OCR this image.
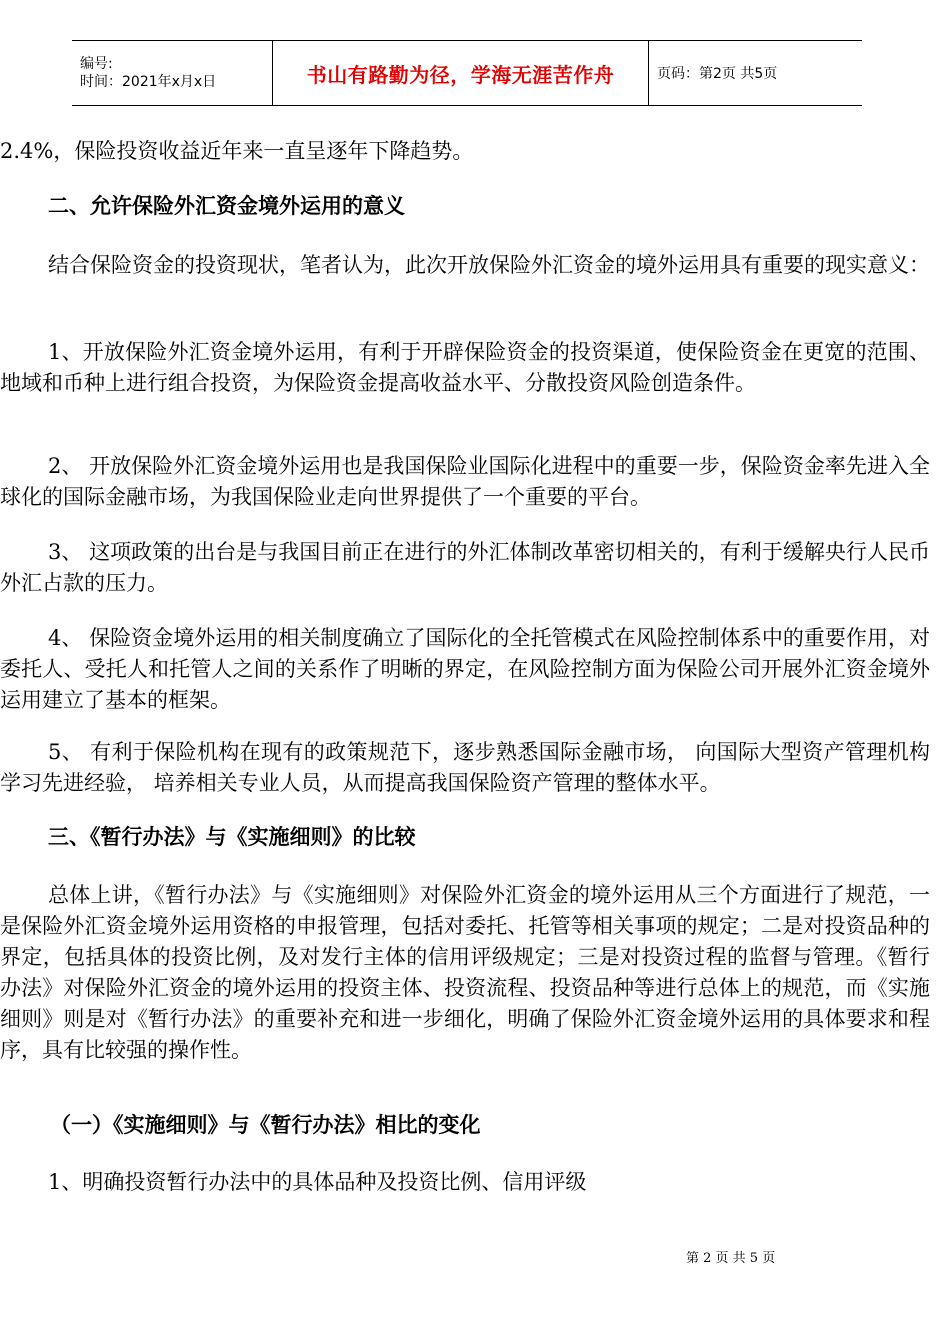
编号:
时间：2021年x月x日	书山有路勤为径，学海无涯苦作舟	页码：第2页 共5页

2.4%，保险投资收益近年来一直呈逐年下降趋势。

二、允许保险外汇资金境外运用的意义

结合保险资金的投资现状，笔者认为，此次开放保险外汇资金的境外运用具有重要的现实意义：

1、开放保险外汇资金境外运用，有利于开辟保险资金的投资渠道，使保险资金在更宽的范围、地域和币种上进行组合投资，为保险资金提高收益水平、分散投资风险创造条件。

2、 开放保险外汇资金境外运用也是我国保险业国际化进程中的重要一步，保险资金率先进入全球化的国际金融市场，为我国保险业走向世界提供了一个重要的平台。

3、 这项政策的出台是与我国目前正在进行的外汇体制改革密切相关的，有利于缓解央行人民币外汇占款的压力。

4、 保险资金境外运用的相关制度确立了国际化的全托管模式在风险控制体系中的重要作用，对委托人、受托人和托管人之间的关系作了明晰的界定，在风险控制方面为保险公司开展外汇资金境外运用建立了基本的框架。

5、 有利于保险机构在现有的政策规范下，逐步熟悉国际金融市场， 向国际大型资产管理机构学习先进经验， 培养相关专业人员，从而提高我国保险资产管理的整体水平。

三、《暂行办法》与《实施细则》的比较

总体上讲，《暂行办法》与《实施细则》对保险外汇资金的境外运用从三个方面进行了规范，一是保险外汇资金境外运用资格的申报管理，包括对委托、托管等相关事项的规定；二是对投资品种的界定，包括具体的投资比例，及对发行主体的信用评级规定；三是对投资过程的监督与管理。《暂行办法》对保险外汇资金的境外运用的投资主体、投资流程、投资品种等进行总体上的规范，而《实施细则》则是对《暂行办法》的重要补充和进一步细化，明确了保险外汇资金境外运用的具体要求和程序，具有比较强的操作性。

（一）《实施细则》与《暂行办法》相比的变化

1、明确投资暂行办法中的具体品种及投资比例、信用评级

第 2 页 共 5 页
